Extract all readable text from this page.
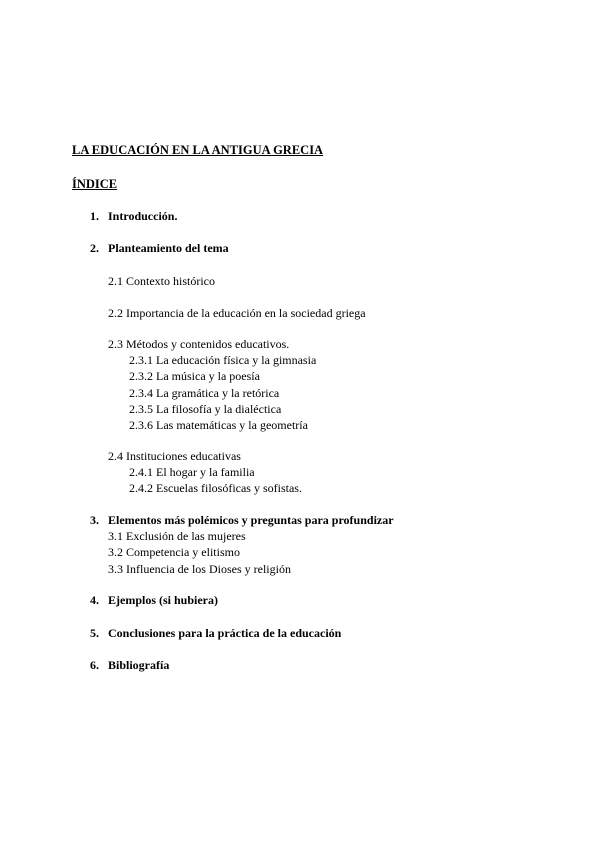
LA EDUCACIÓN EN LA ANTIGUA GRECIA
ÍNDICE
1. Introducción.
2. Planteamiento del tema
2.1 Contexto histórico
2.2 Importancia de la educación en la sociedad griega
2.3 Métodos y contenidos educativos.
2.3.1 La educación física y la gimnasia
2.3.2 La música y la poesía
2.3.4 La gramática y la retórica
2.3.5 La filosofía y la dialéctica
2.3.6 Las matemáticas y la geometría
2.4 Instituciones educativas
2.4.1 El hogar y la familia
2.4.2 Escuelas filosóficas y sofistas.
3. Elementos más polémicos y preguntas para profundizar
3.1 Exclusión de las mujeres
3.2 Competencia y elitismo
3.3 Influencia de los Dioses y religión
4. Ejemplos (si hubiera)
5. Conclusiones para la práctica de la educación
6. Bibliografía
